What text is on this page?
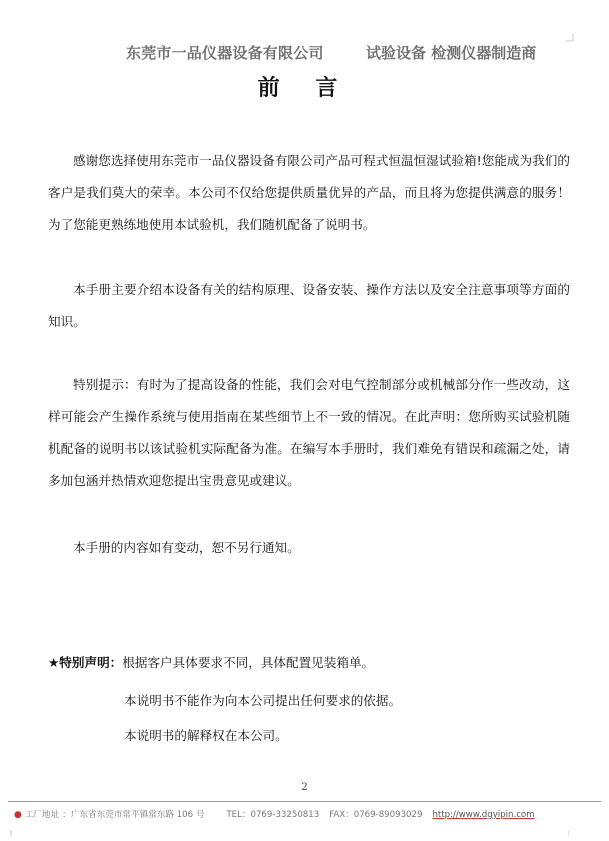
东莞市一品仪器设备有限公司	试验设备 检测仪器制造商
前 言
感谢您选择使用东莞市一品仪器设备有限公司产品可程式恒温恒湿试验箱!您能成为我们的客户是我们莫大的荣幸。本公司不仅给您提供质量优异的产品，而且将为您提供满意的服务！为了您能更熟练地使用本试验机，我们随机配备了说明书。
本手册主要介绍本设备有关的结构原理、设备安装、操作方法以及安全注意事项等方面的知识。
特别提示：有时为了提高设备的性能，我们会对电气控制部分或机械部分作一些改动，这样可能会产生操作系统与使用指南在某些细节上不一致的情况。在此声明：您所购买试验机随机配备的说明书以该试验机实际配备为准。在编写本手册时，我们难免有错误和疏漏之处，请多加包涵并热情欢迎您提出宝贵意见或建议。
本手册的内容如有变动，恕不另行通知。
★特别声明：根据客户具体要求不同，具体配置见装箱单。
本说明书不能作为向本公司提出任何要求的依据。
本说明书的解释权在本公司。
2
● 工厂地址 ：广东省东莞市常平镇常东路 106 号	TEL：0769-33250813 FAX：0769-89093029 http://www.dgyipin.com
